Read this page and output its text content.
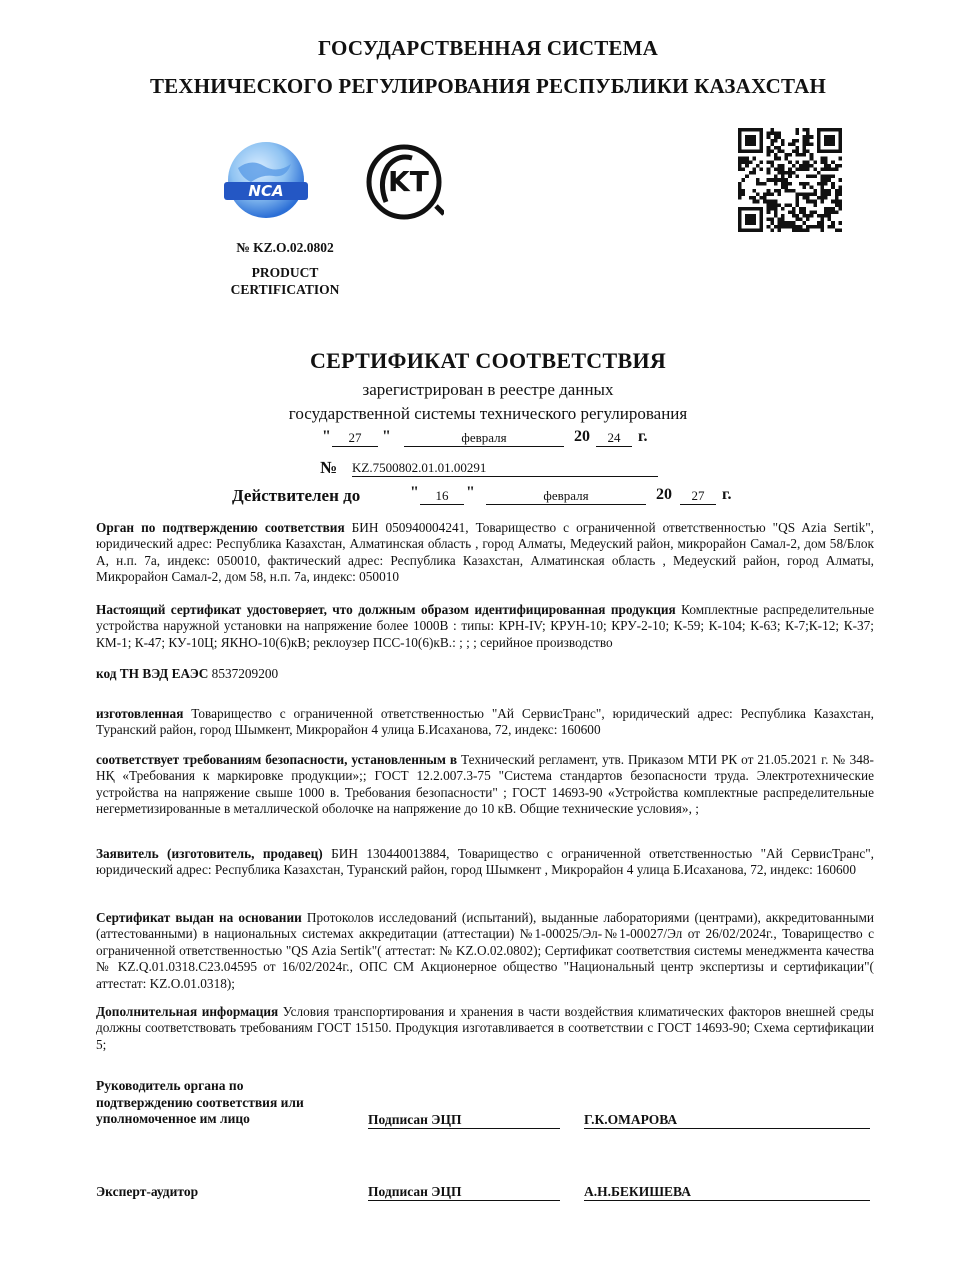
ГОСУДАРСТВЕННАЯ СИСТЕМА
ТЕХНИЧЕСКОГО РЕГУЛИРОВАНИЯ РЕСПУБЛИКИ КАЗАХСТАН
NCA	KT
№ KZ.O.02.0802
PRODUCT
CERTIFICATION
СЕРТИФИКАТ СООТВЕТСТВИЯ
зарегистрирован в реестре данных
государственной системы технического регулирования
"	27	"	февраля	20	24	г.
№ KZ.7500802.01.01.00291
Действителен до	"	16	"	февраля	20	27	г.
Орган по подтверждению соответствия БИН 050940004241, Товарищество с ограниченной ответственностью "QS Azia Sertik", юридический адрес: Республика Казахстан, Алматинская область , город Алматы, Медеуский район, микрорайон Самал-2, дом 58/Блок А, н.п. 7а, индекс: 050010, фактический адрес: Республика Казахстан, Алматинская область , Медеуский район, город Алматы, Микрорайон Самал-2, дом 58, н.п. 7а, индекс: 050010
Настоящий сертификат удостоверяет, что должным образом идентифицированная продукция Комплектные распределительные устройства наружной установки на напряжение более 1000В : типы: КРН-IV; КРУН-10; КРУ-2-10; К-59; К-104; К-63; К-7;К-12; К-37; КМ-1; К-47; КУ-10Ц; ЯКНО-10(6)кВ; реклоузер ПСС-10(6)кВ.: ; ; ; серийное производство
код ТН ВЭД ЕАЭС 8537209200
изготовленная Товарищество с ограниченной ответственностью "Ай СервисТранс", юридический адрес: Республика Казахстан, Туранский район, город Шымкент, Микрорайон 4 улица Б.Исаханова, 72, индекс: 160600
соответствует требованиям безопасности, установленным в Технический регламент, утв. Приказом МТИ РК от 21.05.2021 г. № 348-НҚ «Требования к маркировке продукции»;; ГОСТ 12.2.007.3-75 "Система стандартов безопасности труда. Электротехнические устройства на напряжение свыше 1000 в. Требования безопасности" ; ГОСТ 14693-90 «Устройства комплектные распределительные негерметизированные в металлической оболочке на напряжение до 10 кВ. Общие технические условия», ;
Заявитель (изготовитель, продавец) БИН 130440013884, Товарищество с ограниченной ответственностью "Ай СервисТранс", юридический адрес: Республика Казахстан, Туранский район, город Шымкент , Микрорайон 4 улица Б.Исаханова, 72, индекс: 160600
Сертификат выдан на основании Протоколов исследований (испытаний), выданные лабораториями (центрами), аккредитованными (аттестованными) в национальных системах аккредитации (аттестации) №1-00025/Эл-№1-00027/Эл от 26/02/2024г., Товарищество с ограниченной ответственностью "QS Azia Sertik"( аттестат: № KZ.O.02.0802); Сертификат соответствия системы менеджмента качества № KZ.Q.01.0318.C23.04595 от 16/02/2024г., ОПС СМ Акционерное общество "Национальный центр экспертизы и сертификации"( аттестат: KZ.O.01.0318);
Дополнительная информация Условия транспортирования и хранения в части воздействия климатических факторов внешней среды должны соответствовать требованиям ГОСТ 15150. Продукция изготавливается в соответствии с ГОСТ 14693-90; Схема сертификации 5;
Руководитель органа по
подтверждению соответствия или
уполномоченное им лицо	Подписан ЭЦП	Г.К.ОМАРОВА
Эксперт-аудитор	Подписан ЭЦП	А.Н.БЕКИШЕВА
